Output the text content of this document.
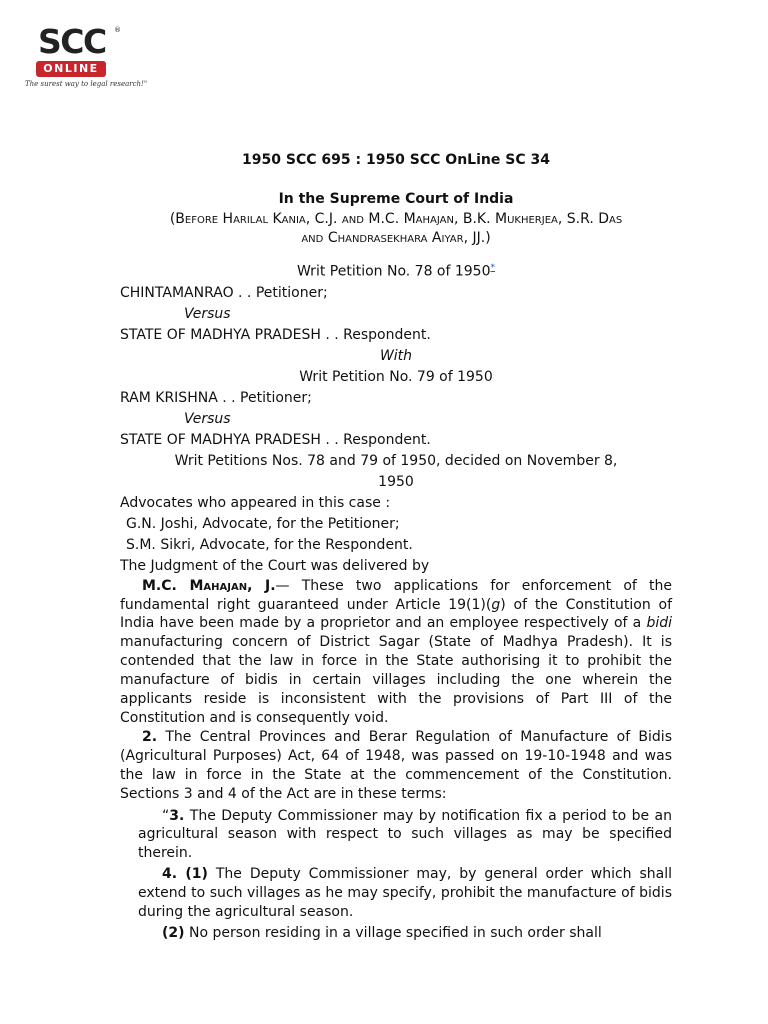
SCC ®
ONLINE
The surest way to legal research!"

1950 SCC 695 : 1950 SCC OnLine SC 34

In the Supreme Court of India

(Before Harilal Kania, C.J. and M.C. Mahajan, B.K. Mukherjea, S.R. Das

and Chandrasekhara Aiyar, JJ.)

Writ Petition No. 78 of 1950*

CHINTAMANRAO . . Petitioner;

Versus

STATE OF MADHYA PRADESH . . Respondent.

With

Writ Petition No. 79 of 1950

RAM KRISHNA . . Petitioner;

Versus

STATE OF MADHYA PRADESH . . Respondent.

Writ Petitions Nos. 78 and 79 of 1950, decided on November 8,

1950

Advocates who appeared in this case :

G.N. Joshi, Advocate, for the Petitioner;

S.M. Sikri, Advocate, for the Respondent.

The Judgment of the Court was delivered by

M.C. Mahajan, J.— These two applications for enforcement of the fundamental right guaranteed under Article 19(1)(g) of the Constitution of India have been made by a proprietor and an employee respectively of a bidi manufacturing concern of District Sagar (State of Madhya Pradesh). It is contended that the law in force in the State authorising it to prohibit the manufacture of bidis in certain villages including the one wherein the applicants reside is inconsistent with the provisions of Part III of the Constitution and is consequently void.

2. The Central Provinces and Berar Regulation of Manufacture of Bidis (Agricultural Purposes) Act, 64 of 1948, was passed on 19-10-1948 and was the law in force in the State at the commencement of the Constitution. Sections 3 and 4 of the Act are in these terms:

“3. The Deputy Commissioner may by notification fix a period to be an agricultural season with respect to such villages as may be specified therein.

4. (1) The Deputy Commissioner may, by general order which shall extend to such villages as he may specify, prohibit the manufacture of bidis during the agricultural season.

(2) No person residing in a village specified in such order shall
